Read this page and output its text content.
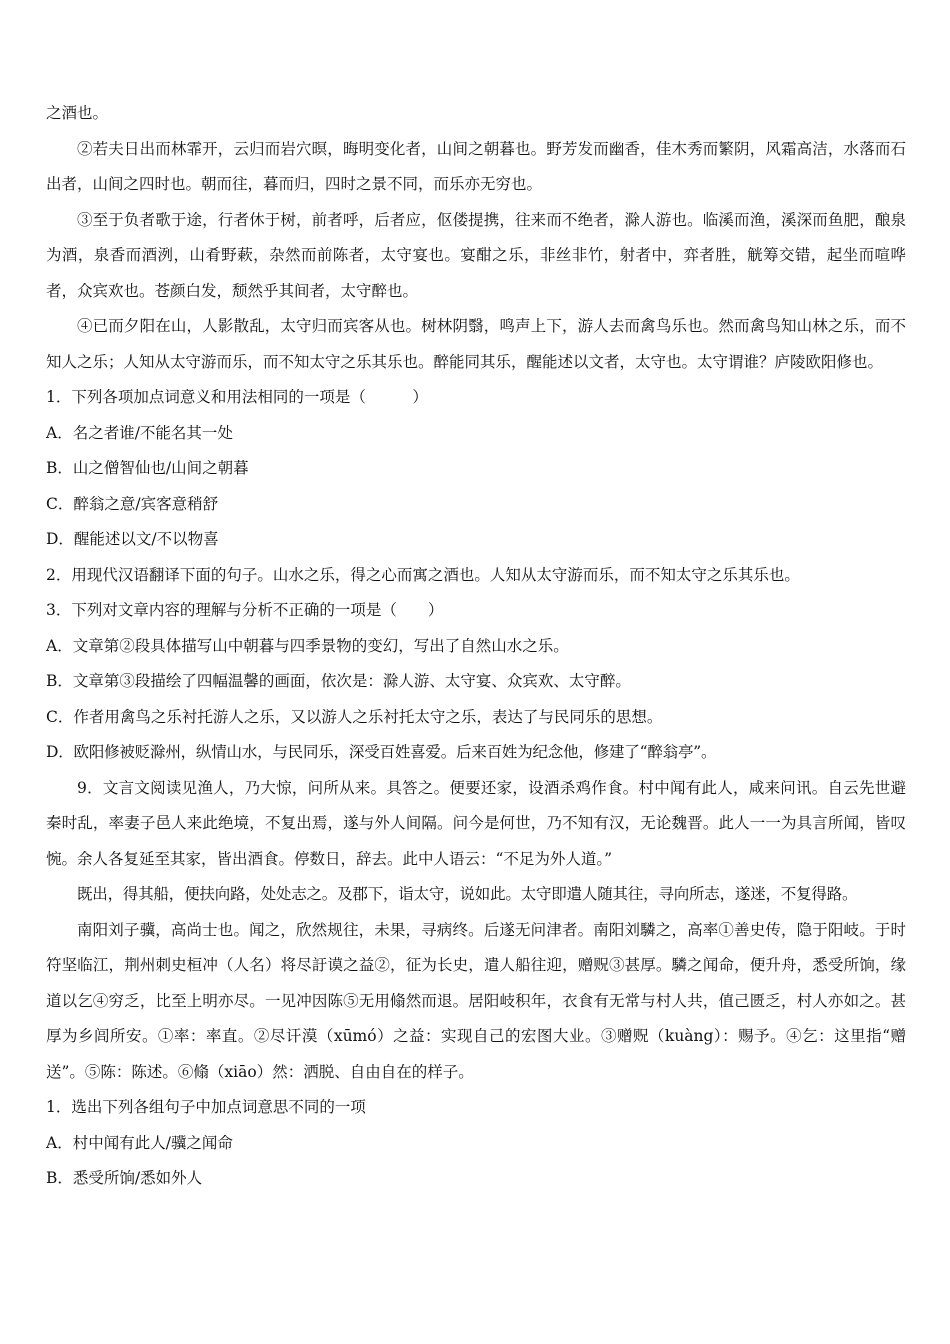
之酒也。

②若夫日出而林霏开，云归而岩穴暝，晦明变化者，山间之朝暮也。野芳发而幽香，佳木秀而繁阴，风霜高洁，水落而石出者，山间之四时也。朝而往，暮而归，四时之景不同，而乐亦无穷也。

③至于负者歌于途，行者休于树，前者呼，后者应，伛偻提携，往来而不绝者，滁人游也。临溪而渔，溪深而鱼肥，酿泉为酒，泉香而酒洌，山肴野蔌，杂然而前陈者，太守宴也。宴酣之乐，非丝非竹，射者中，弈者胜，觥筹交错，起坐而喧哗者，众宾欢也。苍颜白发，颓然乎其间者，太守醉也。

④已而夕阳在山，人影散乱，太守归而宾客从也。树林阴翳，鸣声上下，游人去而禽鸟乐也。然而禽鸟知山林之乐，而不知人之乐；人知从太守游而乐，而不知太守之乐其乐也。醉能同其乐，醒能述以文者，太守也。太守谓谁？庐陵欧阳修也。

1．下列各项加点词意义和用法相同的一项是（　　　）

A．名之者谁/不能名其一处

B．山之僧智仙也/山间之朝暮

C．醉翁之意/宾客意稍舒

D．醒能述以文/不以物喜

2．用现代汉语翻译下面的句子。山水之乐，得之心而寓之酒也。人知从太守游而乐，而不知太守之乐其乐也。

3．下列对文章内容的理解与分析不正确的一项是（　　）

A．文章第②段具体描写山中朝暮与四季景物的变幻，写出了自然山水之乐。

B．文章第③段描绘了四幅温馨的画面，依次是：滁人游、太守宴、众宾欢、太守醉。

C．作者用禽鸟之乐衬托游人之乐，又以游人之乐衬托太守之乐，表达了与民同乐的思想。

D．欧阳修被贬滁州，纵情山水，与民同乐，深受百姓喜爱。后来百姓为纪念他，修建了“醉翁亭”。

9．文言文阅读见渔人，乃大惊，问所从来。具答之。便要还家，设酒杀鸡作食。村中闻有此人，咸来问讯。自云先世避秦时乱，率妻子邑人来此绝境，不复出焉，遂与外人间隔。问今是何世，乃不知有汉，无论魏晋。此人一一为具言所闻，皆叹惋。余人各复延至其家，皆出酒食。停数日，辞去。此中人语云：“不足为外人道。”

既出，得其船，便扶向路，处处志之。及郡下，诣太守，说如此。太守即遣人随其往，寻向所志，遂迷，不复得路。

南阳刘子骥，高尚士也。闻之，欣然规往，未果，寻病终。后遂无问津者。南阳刘驎之，高率①善史传，隐于阳岐。于时符坚临江，荆州刺史桓冲（人名）将尽訏谟之益②，征为长史，遣人船往迎，赠贶③甚厚。驎之闻命，便升舟，悉受所饷，缘道以乞④穷乏，比至上明亦尽。一见冲因陈⑤无用翛然而退。居阳岐积年，衣食有无常与村人共，值己匮乏，村人亦如之。甚厚为乡闾所安。①率：率直。②尽讦漠（xūmó）之益：实现自己的宏图大业。③赠贶（kuàng）：赐予。④乞：这里指“赠送”。⑤陈：陈述。⑥翛（xiāo）然：洒脱、自由自在的样子。

1．选出下列各组句子中加点词意思不同的一项

A．村中闻有此人/骥之闻命

B．悉受所饷/悉如外人
